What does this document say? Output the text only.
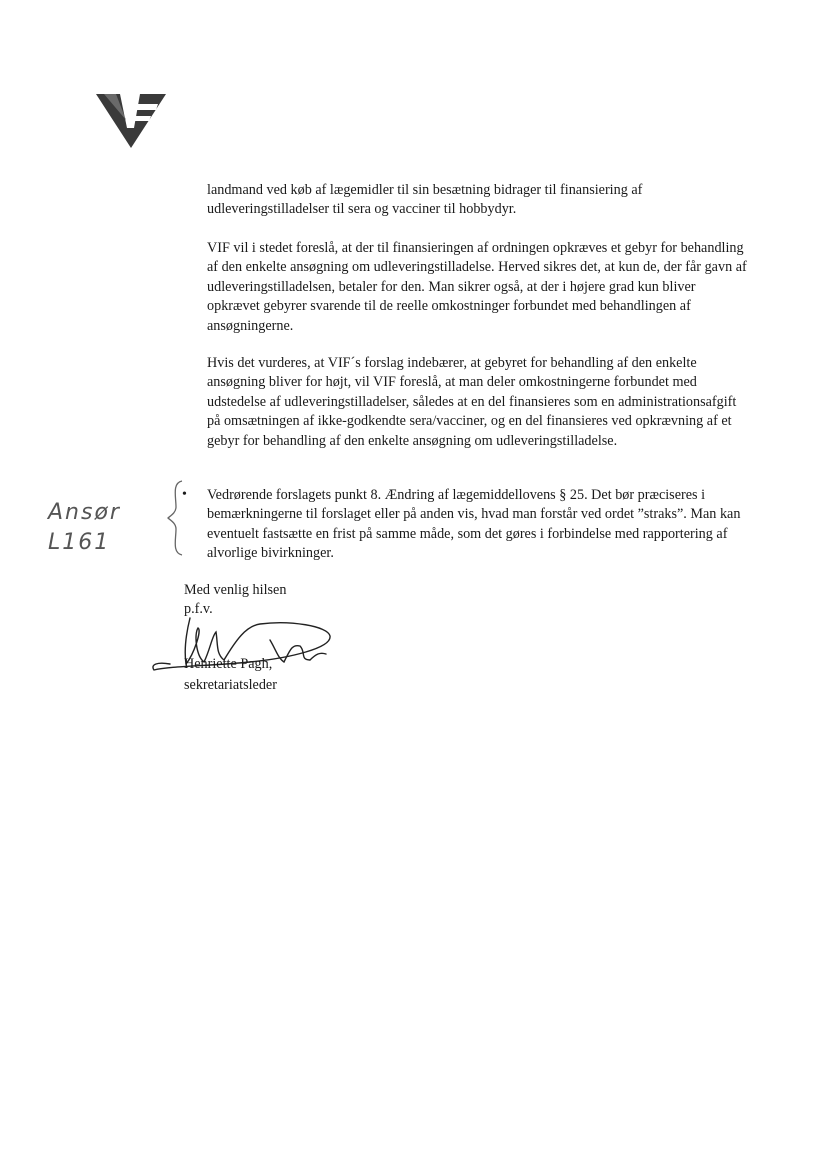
landmand ved køb af lægemidler til sin besætning bidrager til finansiering af udleveringstilladelser til sera og vacciner til hobbydyr.

VIF vil i stedet foreslå, at der til finansieringen af ordningen opkræves et gebyr for behandling af den enkelte ansøgning om udleveringstilladelse. Herved sikres det, at kun de, der får gavn af udleveringstilladelsen, betaler for den. Man sikrer også, at der i højere grad kun bliver opkrævet gebyrer svarende til de reelle omkostninger forbundet med behandlingen af ansøgningerne.

Hvis det vurderes, at VIF´s forslag indebærer, at gebyret for behandling af den enkelte ansøgning bliver for højt, vil VIF foreslå, at man deler omkostningerne forbundet med udstedelse af udleveringstilladelser, således at en del finansieres som en administrationsafgift på omsætningen af ikke-godkendte sera/vacciner, og en del finansieres ved opkrævning af et gebyr for behandling af den enkelte ansøgning om udleveringstilladelse.

• Vedrørende forslagets punkt 8. Ændring af lægemiddellovens § 25. Det bør præciseres i bemærkningerne til forslaget eller på anden vis, hvad man forstår ved ordet ”straks”. Man kan eventuelt fastsætte en frist på samme måde, som det gøres i forbindelse med rapportering af alvorlige bivirkninger.

Ansør
L161
Med venlig hilsen
p.f.v.
Henriette Pagh,
sekretariatsleder
